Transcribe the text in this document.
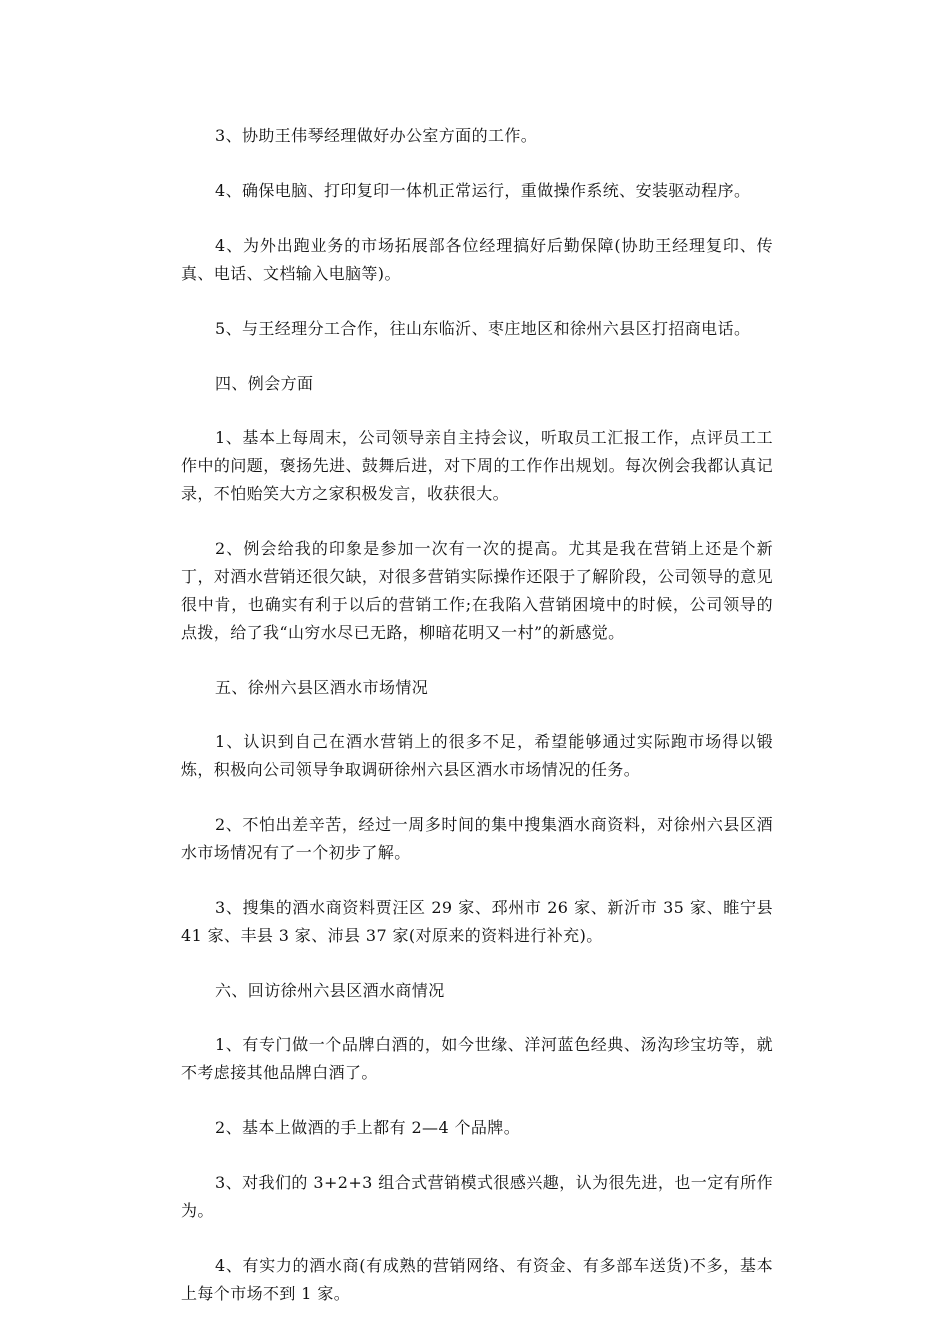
3、协助王伟琴经理做好办公室方面的工作。

4、确保电脑、打印复印一体机正常运行，重做操作系统、安装驱动程序。

4、为外出跑业务的市场拓展部各位经理搞好后勤保障(协助王经理复印、传真、电话、文档输入电脑等)。

5、与王经理分工合作，往山东临沂、枣庄地区和徐州六县区打招商电话。

四、例会方面

1、基本上每周末，公司领导亲自主持会议，听取员工汇报工作，点评员工工作中的问题，褒扬先进、鼓舞后进，对下周的工作作出规划。每次例会我都认真记录，不怕贻笑大方之家积极发言，收获很大。

2、例会给我的印象是参加一次有一次的提高。尤其是我在营销上还是个新丁，对酒水营销还很欠缺，对很多营销实际操作还限于了解阶段，公司领导的意见很中肯，也确实有利于以后的营销工作;在我陷入营销困境中的时候，公司领导的点拨，给了我“山穷水尽已无路，柳暗花明又一村”的新感觉。

五、徐州六县区酒水市场情况

1、认识到自己在酒水营销上的很多不足，希望能够通过实际跑市场得以锻炼，积极向公司领导争取调研徐州六县区酒水市场情况的任务。

2、不怕出差辛苦，经过一周多时间的集中搜集酒水商资料，对徐州六县区酒水市场情况有了一个初步了解。

3、搜集的酒水商资料贾汪区 29 家、邳州市 26 家、新沂市 35 家、睢宁县 41 家、丰县 3 家、沛县 37 家(对原来的资料进行补充)。

六、回访徐州六县区酒水商情况

1、有专门做一个品牌白酒的，如今世缘、洋河蓝色经典、汤沟珍宝坊等，就不考虑接其他品牌白酒了。

2、基本上做酒的手上都有 2—4 个品牌。

3、对我们的 3+2+3 组合式营销模式很感兴趣，认为很先进，也一定有所作为。

4、有实力的酒水商(有成熟的营销网络、有资金、有多部车送货)不多，基本上每个市场不到 1 家。
